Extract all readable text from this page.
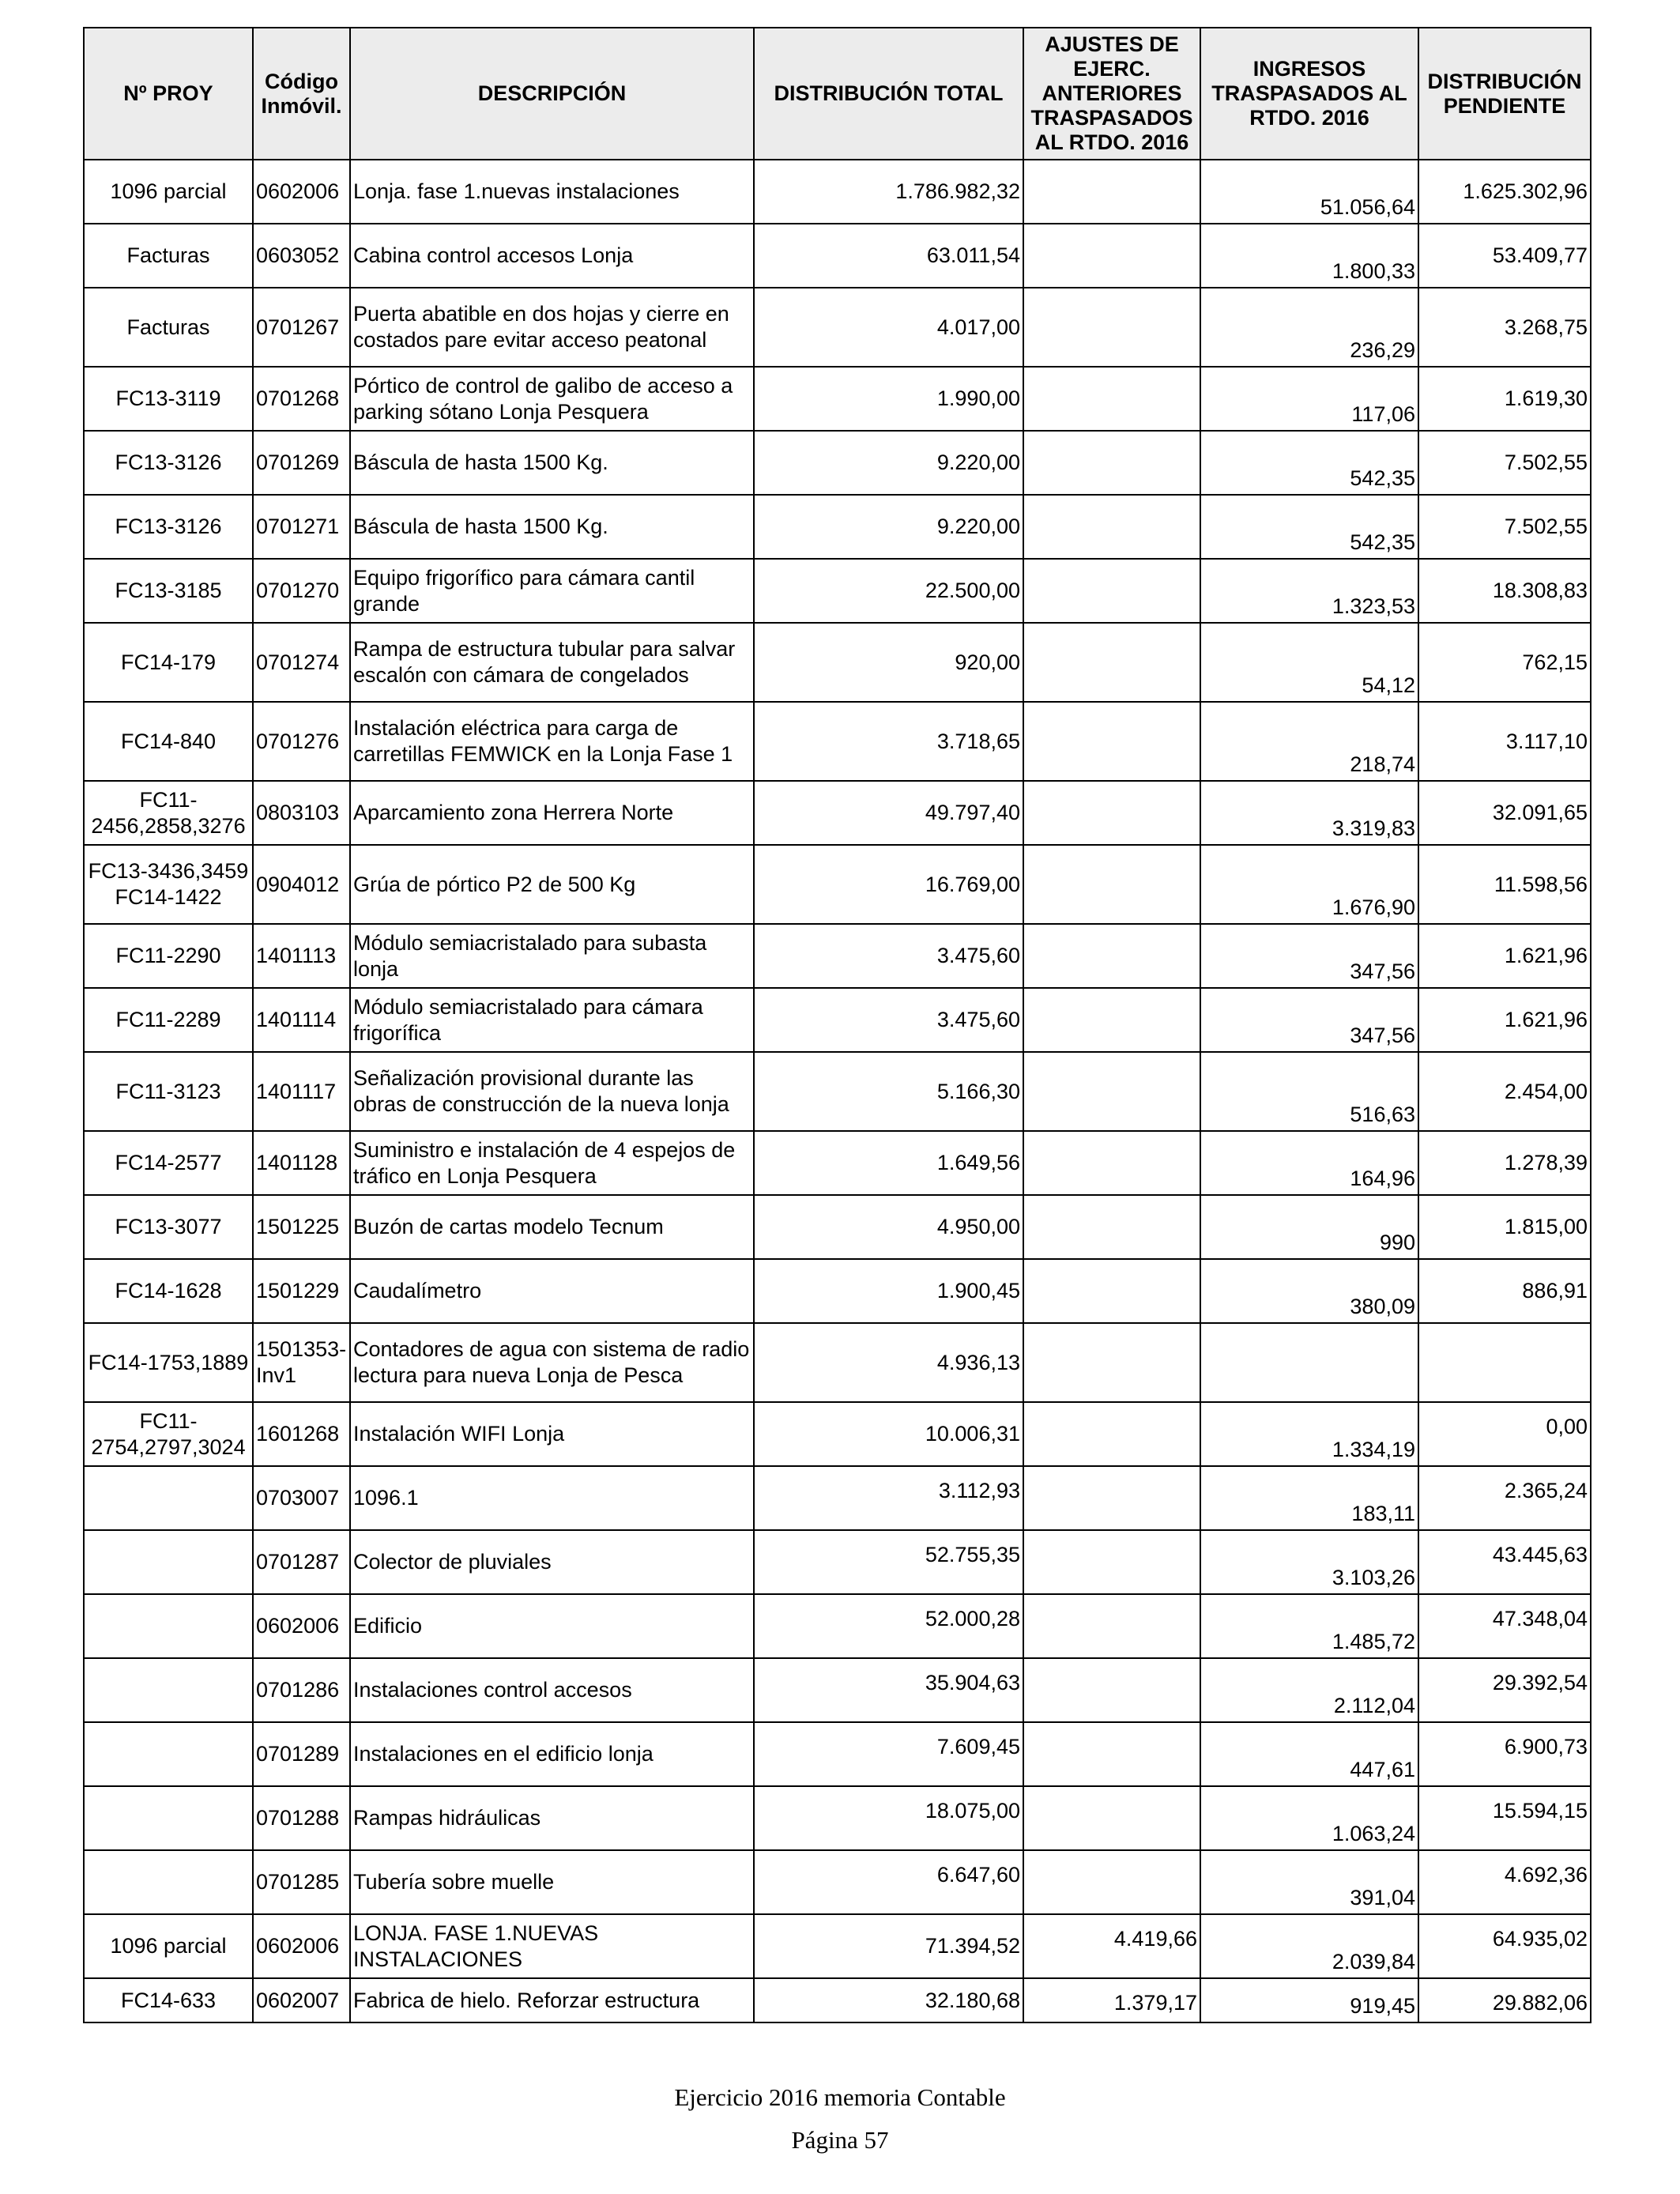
Nº PROY	Código Inmóvil.	DESCRIPCIÓN	DISTRIBUCIÓN TOTAL	AJUSTES DE EJERC. ANTERIORES TRASPASADOS AL RTDO. 2016	INGRESOS TRASPASADOS AL RTDO. 2016	DISTRIBUCIÓN PENDIENTE
1096 parcial	0602006	Lonja. fase 1.nuevas instalaciones	1.786.982,32		51.056,64	1.625.302,96
Facturas	0603052	Cabina control accesos Lonja	63.011,54		1.800,33	53.409,77
Facturas	0701267	Puerta abatible en dos hojas y cierre en costados pare evitar acceso peatonal	4.017,00		236,29	3.268,75
FC13-3119	0701268	Pórtico de control de galibo de acceso a parking sótano Lonja Pesquera	1.990,00		117,06	1.619,30
FC13-3126	0701269	Báscula de hasta 1500 Kg.	9.220,00		542,35	7.502,55
FC13-3126	0701271	Báscula de hasta 1500 Kg.	9.220,00		542,35	7.502,55
FC13-3185	0701270	Equipo frigorífico para cámara cantil grande	22.500,00		1.323,53	18.308,83
FC14-179	0701274	Rampa de estructura tubular para salvar escalón con cámara de congelados	920,00		54,12	762,15
FC14-840	0701276	Instalación eléctrica para carga de carretillas FEMWICK en la Lonja Fase 1	3.718,65		218,74	3.117,10
FC11-2456,2858,3276	0803103	Aparcamiento zona Herrera Norte	49.797,40		3.319,83	32.091,65
FC13-3436,3459 FC14-1422	0904012	Grúa de pórtico P2 de 500 Kg	16.769,00		1.676,90	11.598,56
FC11-2290	1401113	Módulo semiacristalado para subasta lonja	3.475,60		347,56	1.621,96
FC11-2289	1401114	Módulo semiacristalado para cámara frigorífica	3.475,60		347,56	1.621,96
FC11-3123	1401117	Señalización provisional durante las obras de construcción de la nueva lonja	5.166,30		516,63	2.454,00
FC14-2577	1401128	Suministro e instalación de 4 espejos de tráfico en Lonja Pesquera	1.649,56		164,96	1.278,39
FC13-3077	1501225	Buzón de cartas modelo Tecnum	4.950,00		990	1.815,00
FC14-1628	1501229	Caudalímetro	1.900,45		380,09	886,91
FC14-1753,1889	1501353-Inv1	Contadores de agua con sistema de radio lectura para nueva Lonja de Pesca	4.936,13			
FC11-2754,2797,3024	1601268	Instalación WIFI Lonja	10.006,31		1.334,19	0,00
	0703007	1096.1	3.112,93		183,11	2.365,24
	0701287	Colector de pluviales	52.755,35		3.103,26	43.445,63
	0602006	Edificio	52.000,28		1.485,72	47.348,04
	0701286	Instalaciones control accesos	35.904,63		2.112,04	29.392,54
	0701289	Instalaciones en el edificio lonja	7.609,45		447,61	6.900,73
	0701288	Rampas hidráulicas	18.075,00		1.063,24	15.594,15
	0701285	Tubería sobre muelle	6.647,60		391,04	4.692,36
1096 parcial	0602006	LONJA. FASE 1.NUEVAS INSTALACIONES	71.394,52	4.419,66	2.039,84	64.935,02
FC14-633	0602007	Fabrica de hielo. Reforzar estructura	32.180,68	1.379,17	919,45	29.882,06
Ejercicio 2016 memoria Contable
Página 57
